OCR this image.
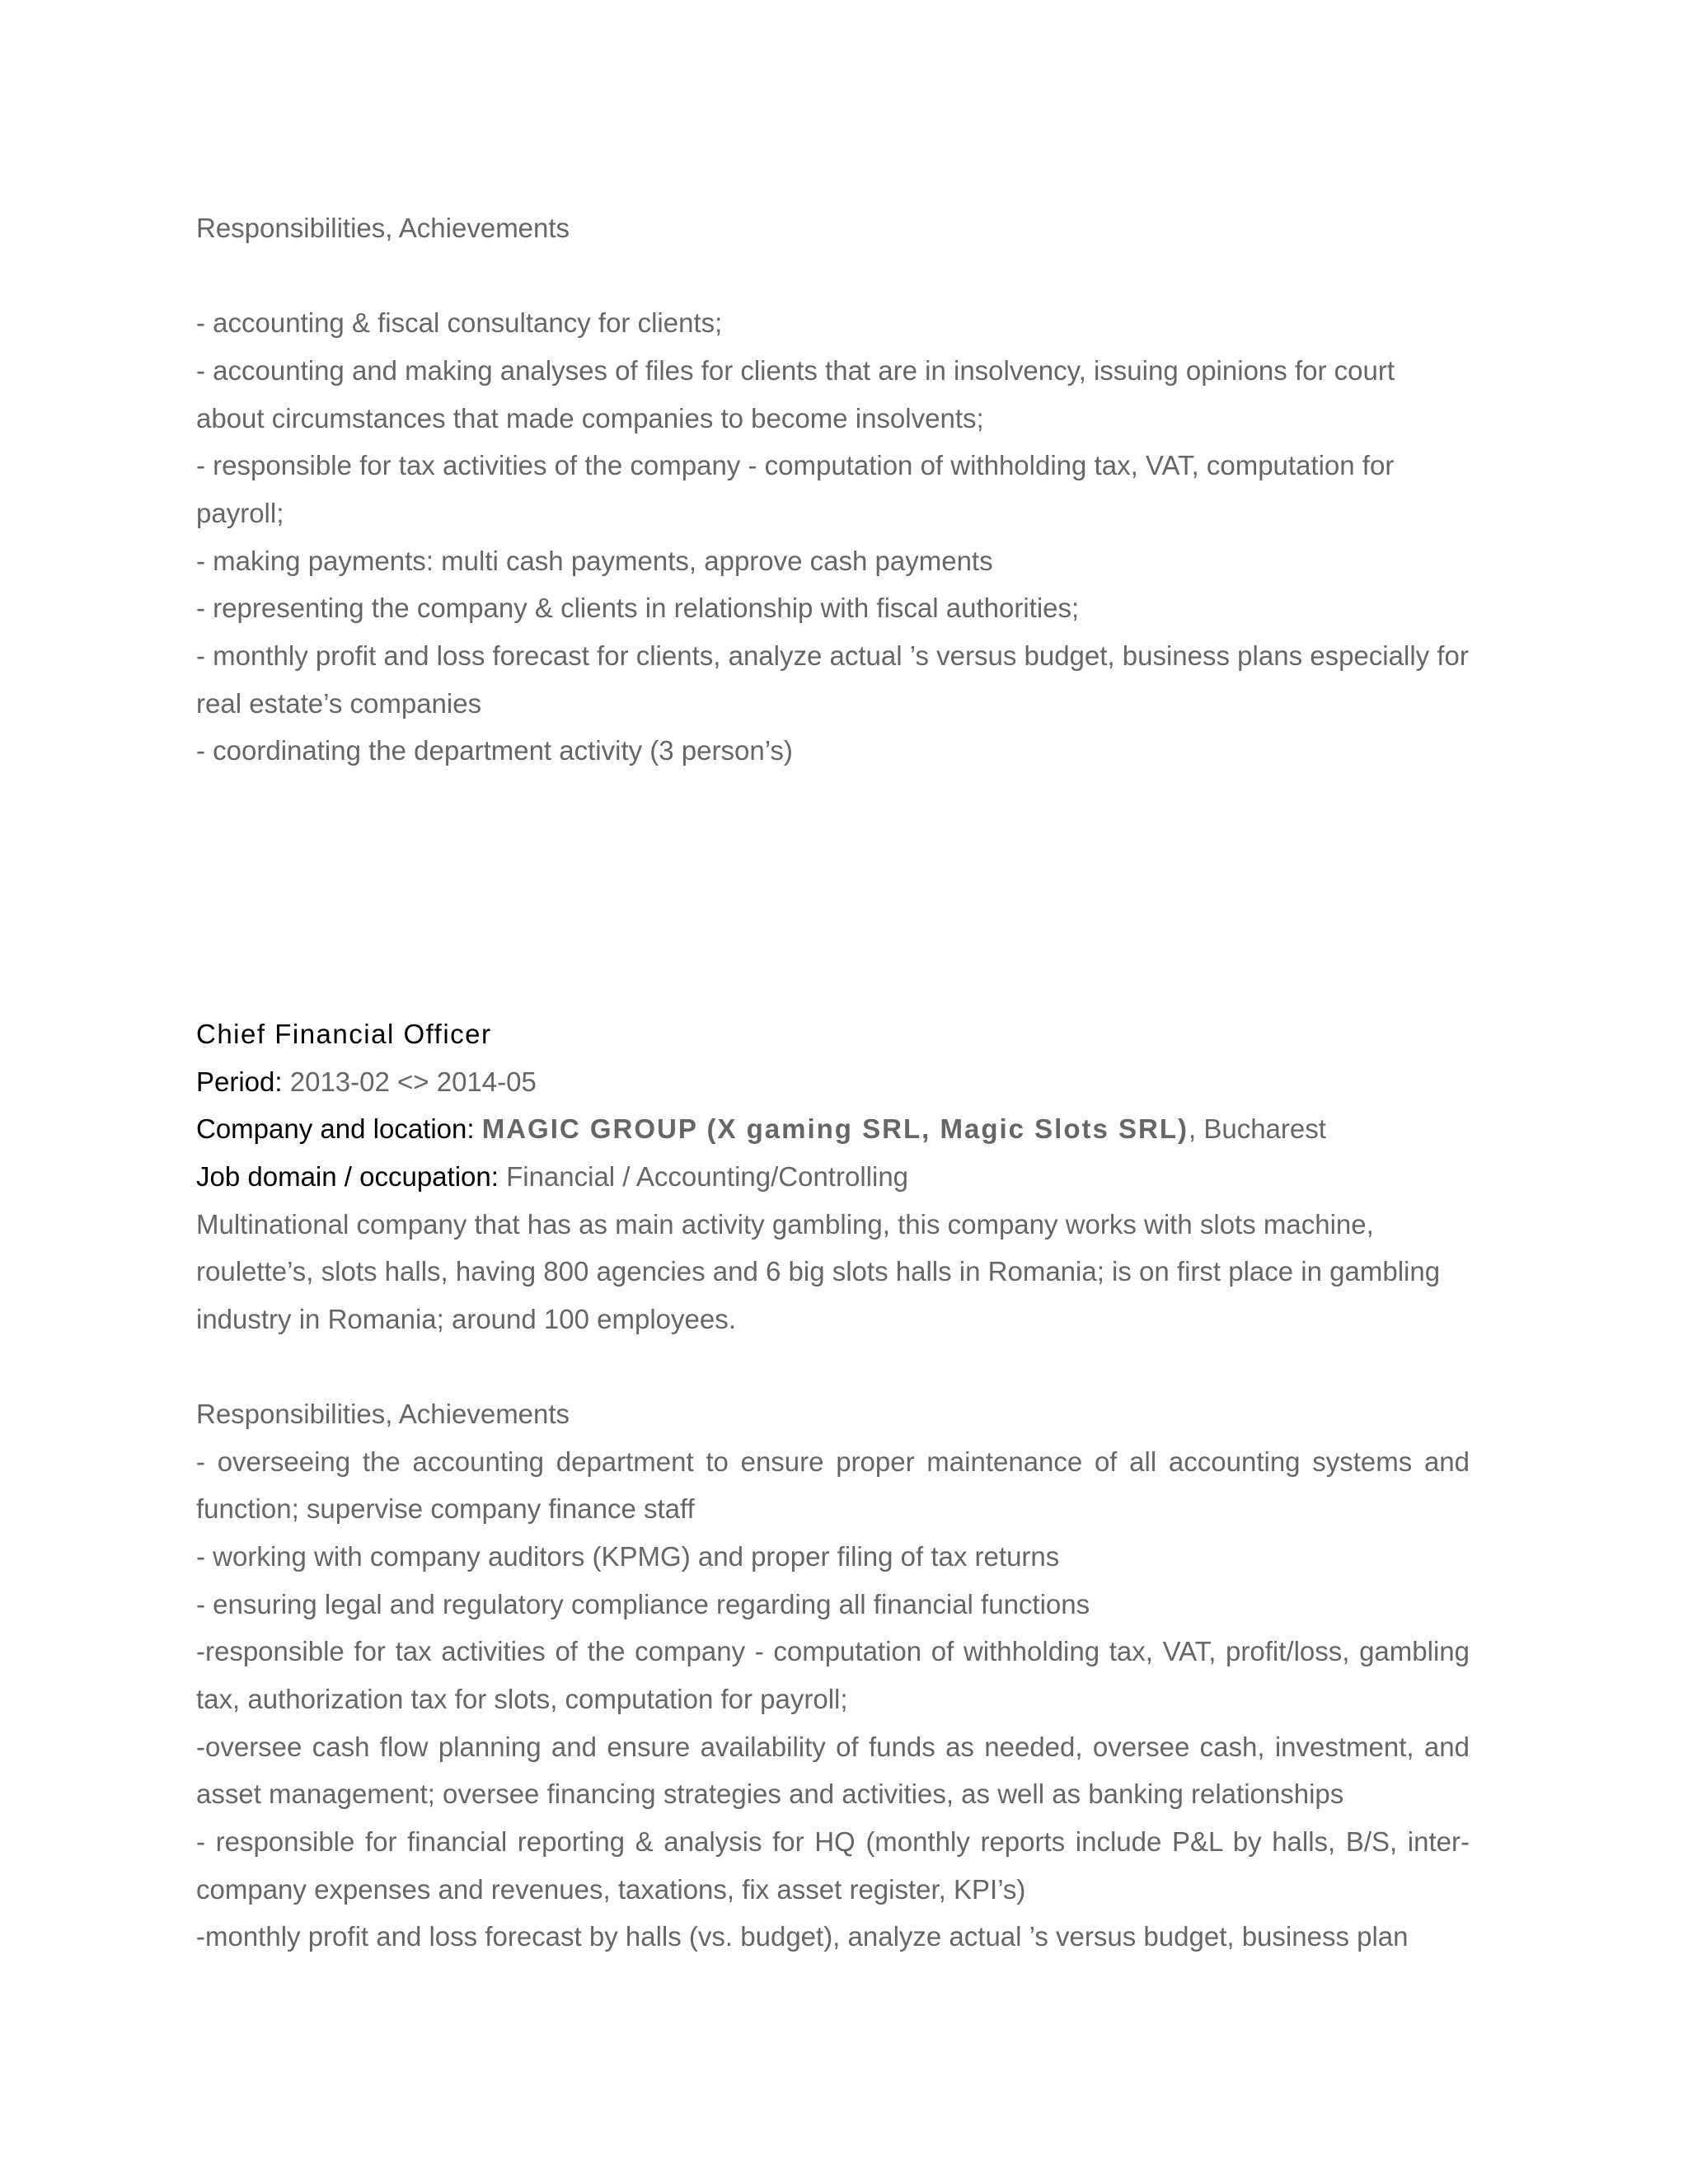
Responsibilities, Achievements
- accounting & fiscal consultancy for clients;
- accounting and making analyses of files for clients that are in insolvency, issuing opinions for court
about circumstances that made companies to become insolvents;
- responsible for tax activities of the company - computation of withholding tax, VAT, computation for
payroll;
- making payments: multi cash payments, approve cash payments
- representing the company & clients in relationship with fiscal authorities;
- monthly profit and loss forecast for clients, analyze actual ’s versus budget, business plans especially for
real estate’s companies
- coordinating the department activity (3 person’s)
Chief Financial Officer
Period: 2013-02 <> 2014-05
Company and location: MAGIC GROUP (X gaming SRL, Magic Slots SRL), Bucharest
Job domain / occupation: Financial / Accounting/Controlling
Multinational company that has as main activity gambling, this company works with slots machine,
roulette’s, slots halls, having 800 agencies and 6 big slots halls in Romania; is on first place in gambling
industry in Romania; around 100 employees.
Responsibilities, Achievements
- overseeing the accounting department to ensure proper maintenance of all accounting systems and
function; supervise company finance staff
- working with company auditors (KPMG) and proper filing of tax returns
- ensuring legal and regulatory compliance regarding all financial functions
-responsible for tax activities of the company - computation of withholding tax, VAT, profit/loss, gambling
tax, authorization tax for slots, computation for payroll;
-oversee cash flow planning and ensure availability of funds as needed, oversee cash, investment, and
asset management; oversee financing strategies and activities, as well as banking relationships
- responsible for financial reporting & analysis for HQ (monthly reports include P&L by halls, B/S, inter-
company expenses and revenues, taxations, fix asset register, KPI’s)
-monthly profit and loss forecast by halls (vs. budget), analyze actual ’s versus budget, business plan
